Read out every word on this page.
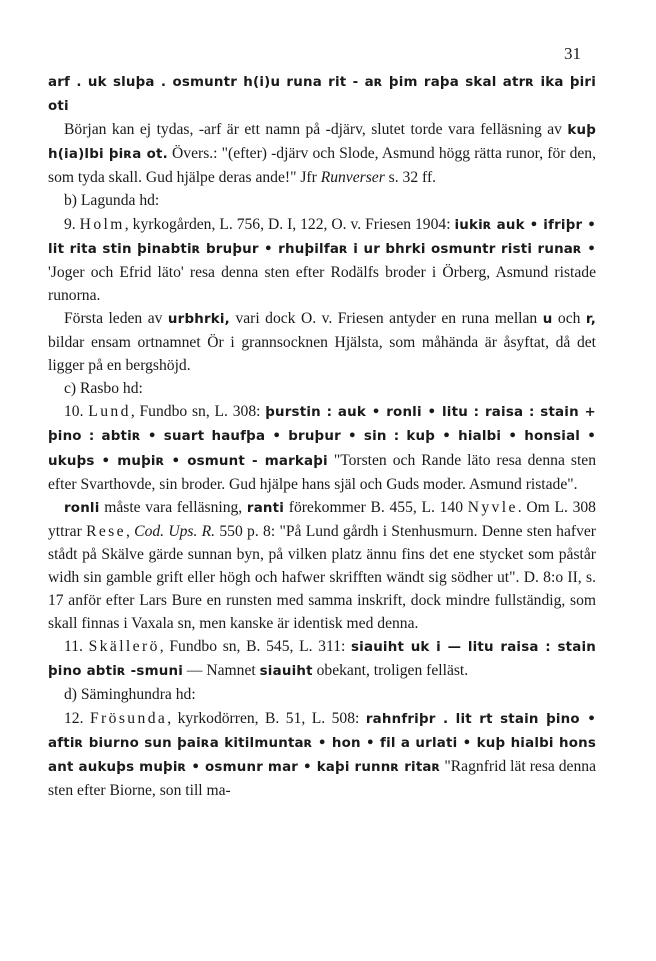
31

arf . uk sluþa . osmuntr h(i)u runa rit - aʀ þim raþa skal atrʀ ika þiri oti

Början kan ej tydas, -arf är ett namn på -djärv, slutet torde vara felläsning av kuþ h(ia)lbi þiʀa ot. Övers.: "(efter) -djärv och Slode, Asmund högg rätta runor, för den, som tyda skall. Gud hjälpe deras ande!" Jfr Runverser s. 32 ff.

b) Lagunda hd:

9. Holm, kyrkogården, L. 756, D. I, 122, O. v. Friesen 1904: iukiʀ auk • ifriþr • lit rita stin þinabtiʀ bruþur • rhuþilfaʀ i ur bhrki osmuntr risti runaʀ • 'Joger och Efrid läto' resa denna sten efter Rodälfs broder i Örberg, Asmund ristade runorna.

Första leden av urbhrki, vari dock O. v. Friesen antyder en runa mellan u och r, bildar ensam ortnamnet Ör i grannsocknen Hjälsta, som måhända är åsyftat, då det ligger på en bergshöjd.

c) Rasbo hd:

10. Lund, Fundbo sn, L. 308: þurstin : auk • ronli • litu : raisa : stain + þino : abtiʀ • suart haufþa • bruþur • sin : kuþ • hialbi • honsial • ukuþs • muþiʀ • osmunt - markaþi "Torsten och Rande läto resa denna sten efter Svarthovde, sin broder. Gud hjälpe hans själ och Guds moder. Asmund ristade".

ronli måste vara felläsning, ranti förekommer B. 455, L. 140 Nyvle. Om L. 308 yttrar Rese, Cod. Ups. R. 550 p. 8: "På Lund gårdh i Stenhusmurn. Denne sten hafver stådt på Skälve gärde sunnan byn, på vilken platz ännu fins det ene stycket som påstår widh sin gamble grift eller högh och hafwer skrifften wändt sig södher ut". D. 8:o II, s. 17 anför efter Lars Bure en runsten med samma inskrift, dock mindre fullständig, som skall finnas i Vaxala sn, men kanske är identisk med denna.

11. Skällerö, Fundbo sn, B. 545, L. 311: siauiht uk i — litu raisa : stain þino abtiʀ -smuni — Namnet siauiht obekant, troligen felläst.

d) Säminghundra hd:

12. Frösunda, kyrkodörren, B. 51, L. 508: rahnfriþr . lit rt stain þino • aftiʀ biurno sun þaiʀa kitilmuntaʀ • hon • fil a urlati • kuþ hialbi hons ant aukuþs muþiʀ • osmunr mar • kaþi runnʀ ritaʀ "Ragnfrid lät resa denna sten efter Biorne, son till ma-
